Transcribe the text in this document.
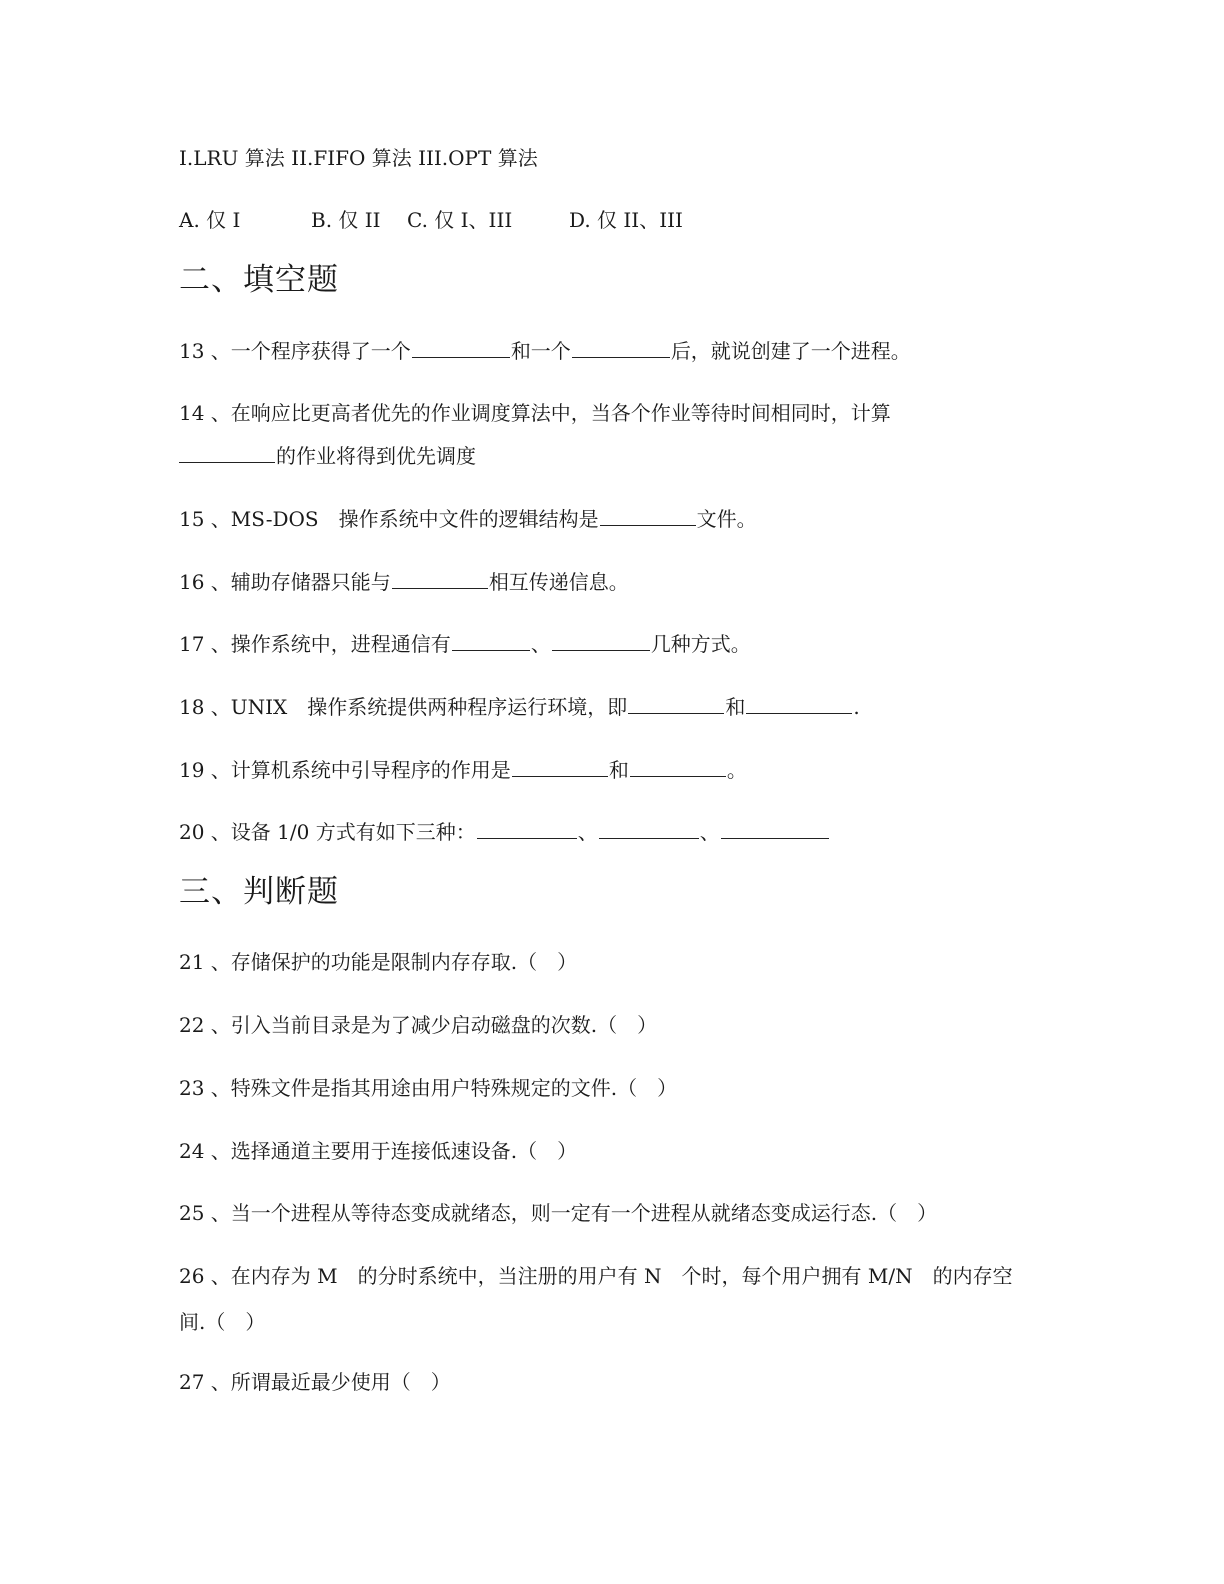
I.LRU 算法 II.FIFO 算法 III.OPT 算法
A. 仅 I	B. 仅 II C. 仅 I、III	D. 仅 II、III
二、填空题
13 、一个程序获得了一个	和一个	后，就说创建了一个进程。
14 、在响应比更高者优先的作业调度算法中，当各个作业等待时间相同时，计算
的作业将得到优先调度
15 、MS-DOS　操作系统中文件的逻辑结构是	文件。
16 、辅助存储器只能与	相互传递信息。
17 、操作系统中，进程通信有	、	几种方式。
18 、UNIX　操作系统提供两种程序运行环境，即	和	.
19 、计算机系统中引导程序的作用是	和	。
20 、设备 1/0 方式有如下三种：	、	、
三、判断题
21 、存储保护的功能是限制内存存取.（　）
22 、引入当前目录是为了减少启动磁盘的次数.（　）
23 、特殊文件是指其用途由用户特殊规定的文件.（　）
24 、选择通道主要用于连接低速设备.（　）
25 、当一个进程从等待态变成就绪态，则一定有一个进程从就绪态变成运行态.（　）
26 、在内存为 M　的分时系统中，当注册的用户有 N　个时，每个用户拥有 M/N　的内存空
间.（　）
27 、所谓最近最少使用（　）
